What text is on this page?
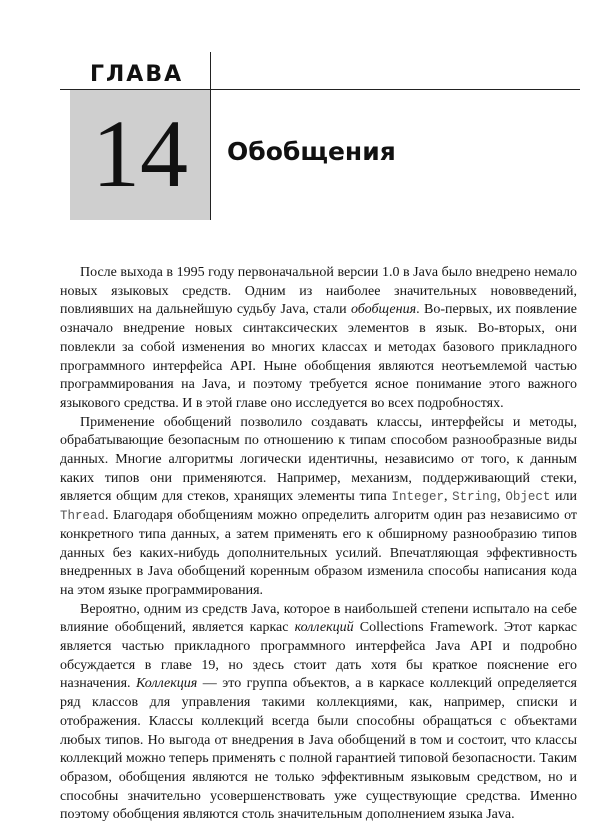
ГЛАВА
14	Обобщения

После выхода в 1995 году первоначальной версии 1.0 в Java было внедрено немало новых языковых средств. Одним из наиболее значительных нововведений, повлиявших на дальнейшую судьбу Java, стали обобщения. Во-первых, их появление означало внедрение новых синтаксических элементов в язык. Во-вторых, они повлекли за собой изменения во многих классах и методах базового прикладного программного интерфейса API. Ныне обобщения являются неотъемлемой частью программирования на Java, и поэтому требуется ясное понимание этого важного языкового средства. И в этой главе оно исследуется во всех подробностях.

Применение обобщений позволило создавать классы, интерфейсы и методы, обрабатывающие безопасным по отношению к типам способом разнообразные виды данных. Многие алгоритмы логически идентичны, независимо от того, к данным каких типов они применяются. Например, механизм, поддерживающий стеки, является общим для стеков, хранящих элементы типа Integer, String, Object или Thread. Благодаря обобщениям можно определить алгоритм один раз независимо от конкретного типа данных, а затем применять его к обширному разнообразию типов данных без каких-нибудь дополнительных усилий. Впечатляющая эффективность внедренных в Java обобщений коренным образом изменила способы написания кода на этом языке программирования.

Вероятно, одним из средств Java, которое в наибольшей степени испытало на себе влияние обобщений, является каркас коллекций Collections Framework. Этот каркас является частью прикладного программного интерфейса Java API и подробно обсуждается в главе 19, но здесь стоит дать хотя бы краткое пояснение его назначения. Коллекция — это группа объектов, а в каркасе коллекций определяется ряд классов для управления такими коллекциями, как, например, списки и отображения. Классы коллекций всегда были способны обращаться с объектами любых типов. Но выгода от внедрения в Java обобщений в том и состоит, что классы коллекций можно теперь применять с полной гарантией типовой безопасности. Таким образом, обобщения являются не только эффективным языковым средством, но и способны значительно усовершенствовать уже существующие средства. Именно поэтому обобщения являются столь значительным дополнением языка Java.
